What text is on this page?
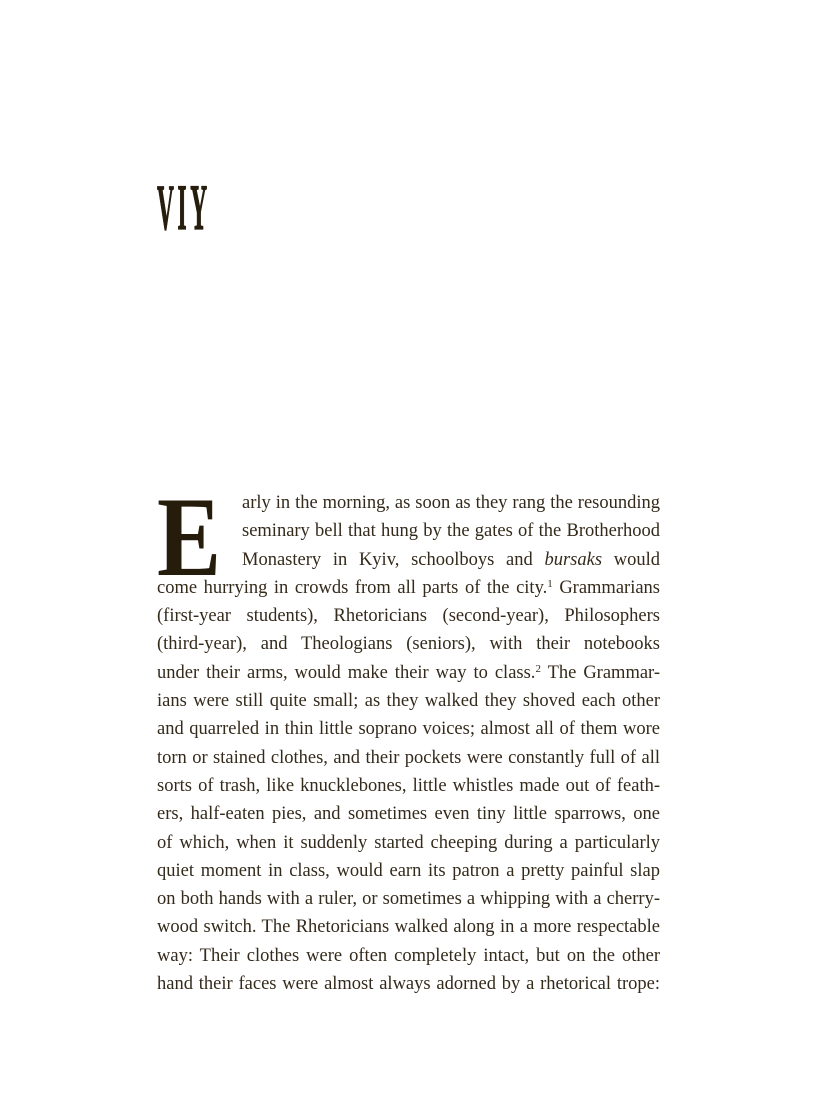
VIY
E arly in the morning, as soon as they rang the resounding
seminary bell that hung by the gates of the Brotherhood
Monastery in Kyiv, schoolboys and bursaks would
come hurrying in crowds from all parts of the city.$^1$ Grammarians
(first-year students), Rhetoricians (second-year), Philosophers
(third-year), and Theologians (seniors), with their notebooks
under their arms, would make their way to class.$^2$ The Grammar-
ians were still quite small; as they walked they shoved each other
and quarreled in thin little soprano voices; almost all of them wore
torn or stained clothes, and their pockets were constantly full of all
sorts of trash, like knucklebones, little whistles made out of feath-
ers, half-eaten pies, and sometimes even tiny little sparrows, one
of which, when it suddenly started cheeping during a particularly
quiet moment in class, would earn its patron a pretty painful slap
on both hands with a ruler, or sometimes a whipping with a cherry-
wood switch. The Rhetoricians walked along in a more respectable
way: Their clothes were often completely intact, but on the other
hand their faces were almost always adorned by a rhetorical trope:
